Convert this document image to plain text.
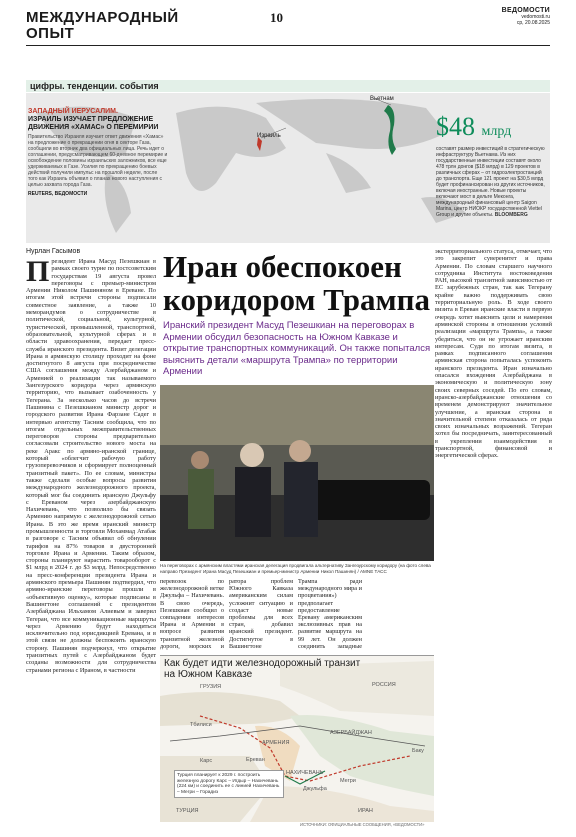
МЕЖДУНАРОДНЫЙ
ОПЫТ
10	ВЕДОМОСТИ
vedomosti.ru
ср, 20.08.2025
цифры. тенденции. события
ЗАПАДНЫЙ ИЕРУСАЛИМ.
ИЗРАИЛЬ ИЗУЧАЕТ ПРЕДЛОЖЕНИЕ ДВИЖЕНИЯ «ХАМАС» О ПЕРЕМИРИИ
Правительство Израиля изучает ответ движения «Хамас» на предложение о прекращении огня в секторе Газа, сообщили во вторник два официальных лица. Речь идет о соглашении, предусматривающем 60-дневное перемирие и освобождение половины израильских заложников, все еще удерживаемых в Газе. Усилия по прекращению боевых действий получили импульс на прошлой неделе, после того как Израиль объявил о планах нового наступления с целью захвата города Газа.
REUTERS, ВЕДОМОСТИ
Израиль
Вьетнам
$48 млрд
составят размер инвестиций в стратегическую инфраструктуру Вьетнама. Из них государственные инвестиции составят около 478 трлн донгов ($18 млрд) в 129 проектов в различных сферах – от гидроэлектростанций до транспорта. Еще 121 проект на $30,5 млрд будет профинансирован из других источников, включая иностранные. Новые проекты включают мост в дельте Меконга, международный финансовый центр Saigon Marina, центр НИОКР государственной Viettel Group и другие объекты. BLOOMBERG
Нурлан Гасымов
Президент Ирана Масуд Пезешкиан в рамках своего турне по постсоветским государствам 19 августа провел переговоры с премьер-министром Армении Николом Пашиняном в Ереване. По итогам этой встречи стороны подписали совместное заявление, а также 10 меморандумов о сотрудничестве в политической, социальной, культурной, туристической, промышленной, транспортной, образовательной, культурной сферах и в области здравоохранения, передает пресс-служба иранского президента. Визит делегации Ирана в армянскую столицу проходит на фоне достигнутого 8 августа при посредничестве США соглашения между Азербайджаном и Арменией о реализации так называемого Зангезурского коридора через армянскую территорию, что вызывает озабоченность у Тегерана. За несколько часов до встречи Пашиняна с Пезешкианом министр дорог и городского развития Ирана Фарзане Садег в интервью агентству Тасним сообщила, что по итогам отдельных межправительственных переговоров стороны предварительно согласовали строительство нового моста на реке Аракс по армяно-иранской границе, который «облегчит рабочую работу грузоперевозчиков и сформирует полноценный транзитный пакет». По ее словам, министры также сделали особые вопросы развития международного железнодорожного проекта, который мог бы соединить иранскую Джульфу с Ереваном через азербайджанскую Нахичевань, что позволило бы связать Армению напрямую с железнодорожной сетью Ирана. В это же время иранский министр промышленности и торговли Мохаммад Атабак в разговоре с Тасним объявил об обнулении тарифов на 87% товаров в двусторонней торговле Ирана и Армении. Таким образом, стороны планируют нарастить товарооборот с $1 млрд в 2024 г. до $3 млрд. Непосредственно на пресс-конференции президента Ирана и армянского премьера Пашинян подтвердил, что армяно-иранские переговоры прошли в «объективную оценку», которые подписаны в Вашингтоне соглашений с президентом Азербайджана Ильхамом Алиевым и заверил Тегеран, что все коммуникационные маршруты через Армению будут находиться исключительно под юрисдикцией Еревана, и в этой связи не должны беспокоить иранскую сторону. Пашинян подчеркнул, что открытие транзитных путей с Азербайджаном будет созданы возможности для сотрудничества странами региона с Ираном, в частности
Иран обеспокоен коридором Трампа
Иранский президент Масуд Пезешкиан на переговорах в Армении обсудил безопасность на Южном Кавказе и открытие транспортных коммуникаций. Он также попытался выяснить детали «маршрута Трампа» по территории Армении
На переговорах с армянским властями иранская делегация продвигала альтернативу Зангезурскому коридору (на фото слева направо Президент Ирана Масуд Пезешкиан и премьер-министр Армении Никол Пашинян) / AMNE ТАСС
перевозок по железнодорожной ветке Джульфа – Нахичевань. В свою очередь, Пезешкиан сообщил о совпадении интересов Ирана и Армении в вопросе развития транзитной железной дороги, морских и
ратора проблем Южного Кавказа американским силам усложнит ситуацию и создаст новые проблемы для всех стран, добавил иранский президент. Достигнутое в Вашингтоне
Трампа ради международного мира и процветания») предполагает предоставление Еревану американским экслюзивных прав на развитие маршрута на 99 лет. Он должен соединить западные
Как будет идти железнодорожный транзит на Южном Кавказе
ГРУЗИЯ	РОССИЯ
Тбилиси
АРМЕНИЯ
АЗЕРБАЙДЖАН
Ереван
Баку
НАХИЧЕВАНЬ
Джульфа
Мегри
Карс
ТУРЦИЯ	ИРАН
Турция планирует к 2029 г. построить железную дорогу Карс – Игдыр – Нахичевань (224 км) и соединить ее с линией Нахичевань – Мегри – Горадиз
ИСТОЧНИКИ: ОФИЦИАЛЬНЫЕ СООБЩЕНИЯ, «ВЕДОМОСТИ»
экстерриториального статуса, отмечает, что это закрепит суверенитет и права Армении. По словам старшего научного сотрудника Института востоковедения РАН, высокой транзитной зависимостью от ЕС зарубежных стран, так как Тегерану крайне важно поддерживать свою территориальную роль. В ходе своего визита в Ереван иранские власти в первую очередь хотят выяснить цели и намерения армянской стороны в отношении условий реализации «маршрута Трампа», а также убедиться, что он не угрожает иранским интересам. Судя по итогам визита, в рамках подписанного соглашения армянская сторона попыталась успокоить иранского президента. Иран изначально опасался вхождения Азербайджана в экономическую и политическую зону своих северных соседей. По его словам, иранско-азербайджанские отношения со временем демонстрируют значительное улучшение, а иранская сторона в значительной степени отказалась от ряда своих изначальных возражений. Тегеран хотел бы посредничать, заинтересованный в укреплении взаимодействия в транспортной, финансовой и энергетической сферах.
